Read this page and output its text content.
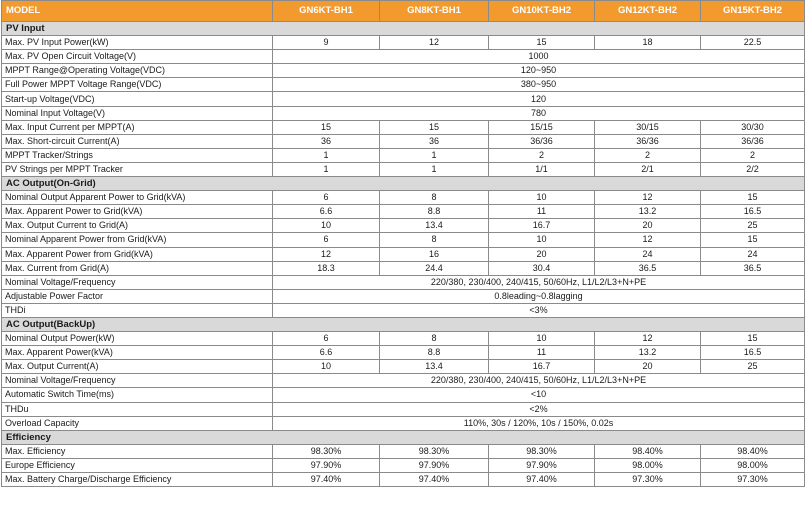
MODEL	GN6KT-BH1	GN8KT-BH1	GN10KT-BH2	GN12KT-BH2	GN15KT-BH2
PV Input					
Max. PV Input Power(kW)	9	12	15	18	22.5
Max. PV Open Circuit Voltage(V)	1000				
MPPT Range@Operating Voltage(VDC)	120~950				
Full Power MPPT Voltage Range(VDC)	380~950				
Start-up Voltage(VDC)	120				
Nominal Input Voltage(V)	780				
Max. Input Current per MPPT(A)	15	15	15/15	30/15	30/30
Max. Short-circuit Current(A)	36	36	36/36	36/36	36/36
MPPT Tracker/Strings	1	1	2	2	2
PV Strings per MPPT Tracker	1	1	1/1	2/1	2/2
AC Output(On-Grid)					
Nominal Output Apparent Power to Grid(kVA)	6	8	10	12	15
Max. Apparent Power to Grid(kVA)	6.6	8.8	11	13.2	16.5
Max. Output Current to Grid(A)	10	13.4	16.7	20	25
Nominal Apparent Power from Grid(kVA)	6	8	10	12	15
Max. Apparent Power from Grid(kVA)	12	16	20	24	24
Max. Current from Grid(A)	18.3	24.4	30.4	36.5	36.5
Nominal Voltage/Frequency	220/380, 230/400, 240/415, 50/60Hz, L1/L2/L3+N+PE				
Adjustable Power Factor	0.8leading~0.8lagging				
THDi	<3%				
AC Output(BackUp)					
Nominal Output Power(kW)	6	8	10	12	15
Max. Apparent Power(kVA)	6.6	8.8	11	13.2	16.5
Max. Output Current(A)	10	13.4	16.7	20	25
Nominal Voltage/Frequency	220/380, 230/400, 240/415, 50/60Hz, L1/L2/L3+N+PE				
Automatic Switch Time(ms)	<10				
THDu	<2%				
Overload Capacity	110%, 30s / 120%, 10s / 150%, 0.02s				
Efficiency					
Max. Efficiency	98.30%	98.30%	98.30%	98.40%	98.40%
Europe Efficiency	97.90%	97.90%	97.90%	98.00%	98.00%
Max. Battery Charge/Discharge Efficiency	97.40%	97.40%	97.40%	97.30%	97.30%
